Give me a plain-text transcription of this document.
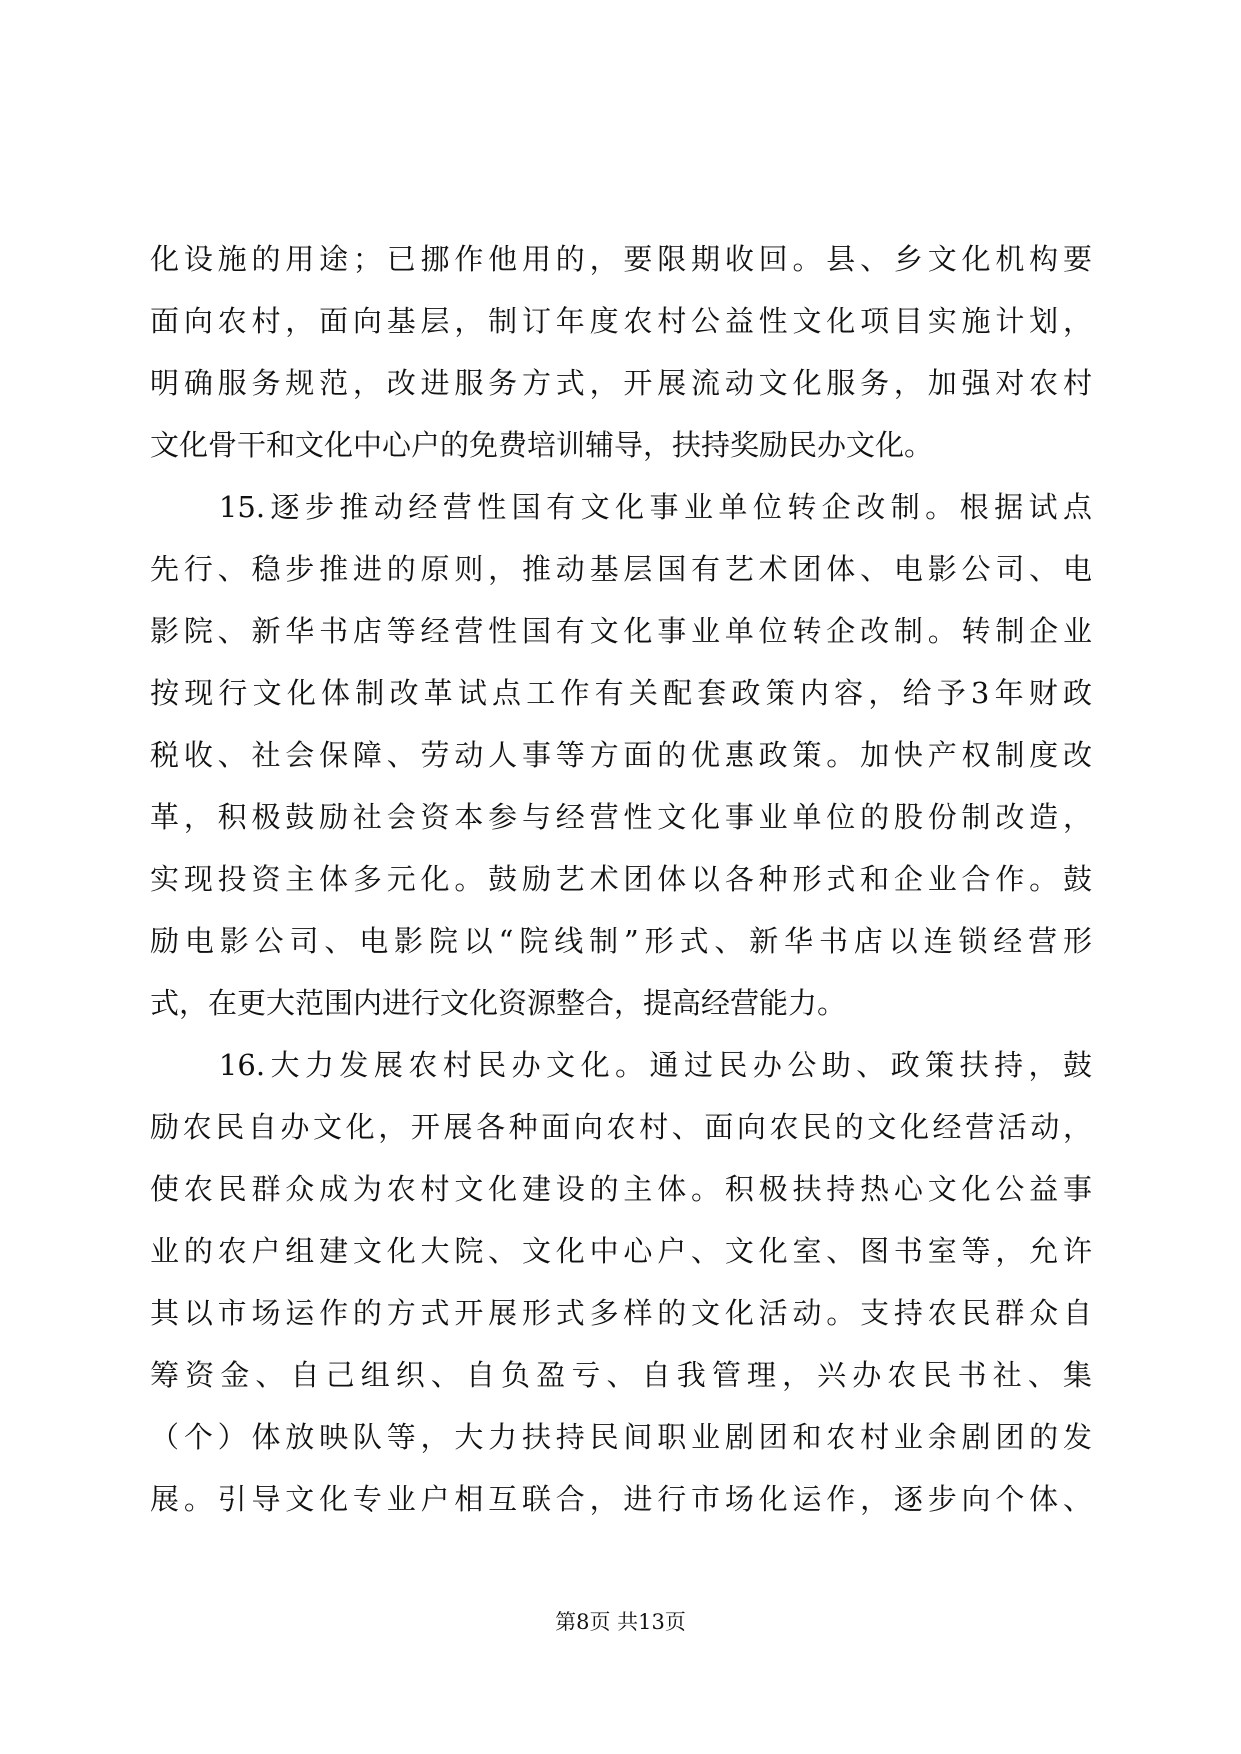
化设施的用途；已挪作他用的，要限期收回。县、乡文化机构要
面向农村，面向基层，制订年度农村公益性文化项目实施计划，
明确服务规范，改进服务方式，开展流动文化服务，加强对农村
文化骨干和文化中心户的免费培训辅导，扶持奖励民办文化。
　　15.逐步推动经营性国有文化事业单位转企改制。根据试点
先行、稳步推进的原则，推动基层国有艺术团体、电影公司、电
影院、新华书店等经营性国有文化事业单位转企改制。转制企业
按现行文化体制改革试点工作有关配套政策内容，给予3年财政
税收、社会保障、劳动人事等方面的优惠政策。加快产权制度改
革，积极鼓励社会资本参与经营性文化事业单位的股份制改造，
实现投资主体多元化。鼓励艺术团体以各种形式和企业合作。鼓
励电影公司、电影院以“院线制”形式、新华书店以连锁经营形
式，在更大范围内进行文化资源整合，提高经营能力。
　　16.大力发展农村民办文化。通过民办公助、政策扶持，鼓
励农民自办文化，开展各种面向农村、面向农民的文化经营活动，
使农民群众成为农村文化建设的主体。积极扶持热心文化公益事
业的农户组建文化大院、文化中心户、文化室、图书室等，允许
其以市场运作的方式开展形式多样的文化活动。支持农民群众自
筹资金、自己组织、自负盈亏、自我管理，兴办农民书社、集
（个）体放映队等，大力扶持民间职业剧团和农村业余剧团的发
展。引导文化专业户相互联合，进行市场化运作，逐步向个体、
第8页 共13页
